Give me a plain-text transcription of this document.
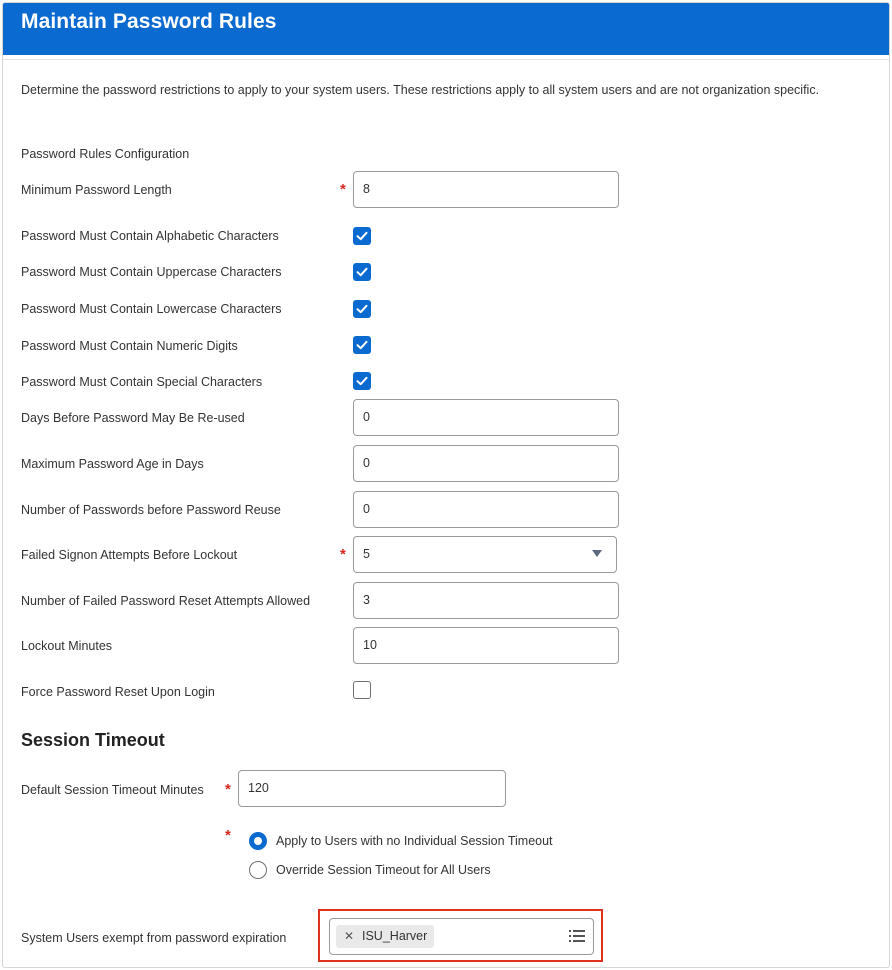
Maintain Password Rules
Determine the password restrictions to apply to your system users. These restrictions apply to all system users and are not organization specific.
Password Rules Configuration
Minimum Password Length	*	8
Password Must Contain Alphabetic Characters
Password Must Contain Uppercase Characters
Password Must Contain Lowercase Characters
Password Must Contain Numeric Digits
Password Must Contain Special Characters
Days Before Password May Be Re-used	0
Maximum Password Age in Days	0
Number of Passwords before Password Reuse	0
Failed Signon Attempts Before Lockout	*	5
Number of Failed Password Reset Attempts Allowed	3
Lockout Minutes	10
Force Password Reset Upon Login
Session Timeout
Default Session Timeout Minutes *	120
*	Apply to Users with no Individual Session Timeout
Override Session Timeout for All Users
System Users exempt from password expiration	✕ ISU_Harver
